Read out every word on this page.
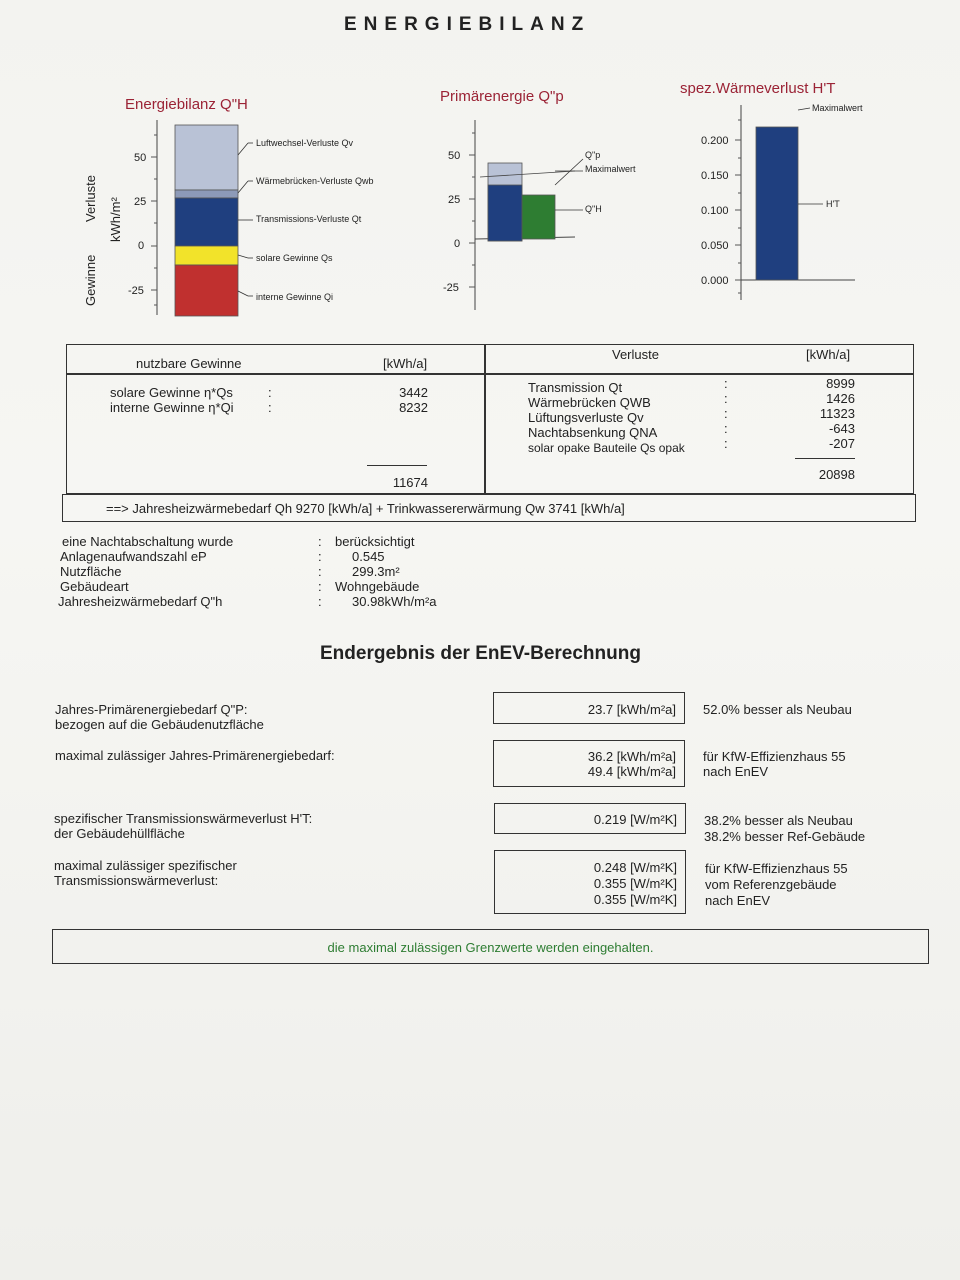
ENERGIEBILANZ
Energiebilanz Q"H
Gewinne
Verluste kWh/m²
50
25
0
-25
Luftwechsel-Verluste Qv
Wärmebrücken-Verluste Qwb
Transmissions-Verluste Qt
solare Gewinne Qs
interne Gewinne Qi
Primärenergie Q"p
50
25
0
-25
Q"p
Maximalwert
Q"H
spez.Wärmeverlust H'T
0.200
0.150
0.100
0.050
0.000
Maximalwert
H'T
nutzbare Gewinne	[kWh/a]
Verluste	[kWh/a]
solare Gewinne η*Qs	:	3442
interne Gewinne η*Qi	:	8232
11674
Transmission Qt	:	8999
Wärmebrücken QWB	:	1426
Lüftungsverluste Qv	:	11323
Nachtabsenkung QNA	:	-643
solar opake Bauteile Qs opak	:	-207
20898
==> Jahresheizwärmebedarf Qh 9270 [kWh/a] + Trinkwassererwärmung Qw 3741 [kWh/a]
eine Nachtabschaltung wurde	: berücksichtigt
Anlagenaufwandszahl eP	: 0.545
Nutzfläche	: 299.3m²
Gebäudeart	: Wohngebäude
Jahresheizwärmebedarf Q"h	: 30.98kWh/m²a
Endergebnis der EnEV-Berechnung
Jahres-Primärenergiebedarf Q"P:
bezogen auf die Gebäudenutzfläche
23.7 [kWh/m²a] 52.0% besser als Neubau
maximal zulässiger Jahres-Primärenergiebedarf:	36.2 [kWh/m²a]
49.4 [kWh/m²a]
für KfW-Effizienzhaus 55
nach EnEV
spezifischer Transmissionswärmeverlust H'T:
der Gebäudehüllfläche
0.219 [W/m²K] 38.2% besser als Neubau
38.2% besser Ref-Gebäude
maximal zulässiger spezifischer
Transmissionswärmeverlust:
0.248 [W/m²K]
0.355 [W/m²K]
0.355 [W/m²K]
für KfW-Effizienzhaus 55
vom Referenzgebäude
nach EnEV
die maximal zulässigen Grenzwerte werden eingehalten.
